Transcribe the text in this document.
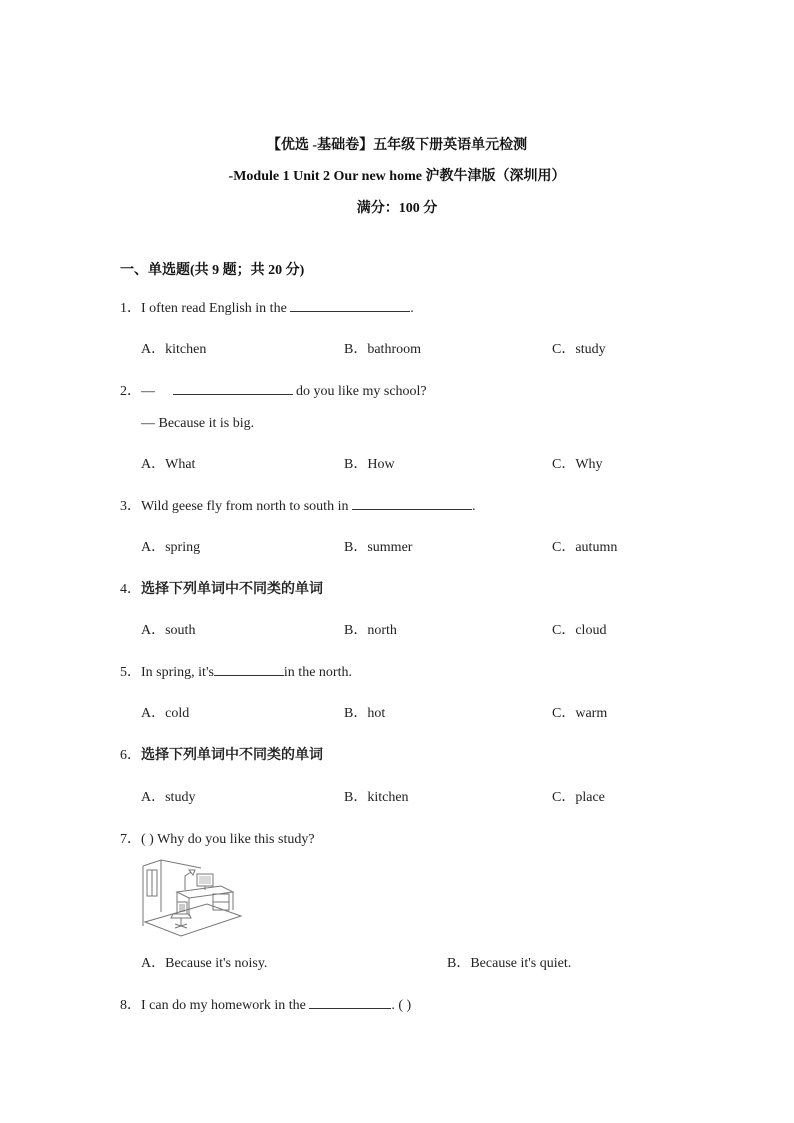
【优选 -基础卷】五年级下册英语单元检测
-Module 1 Unit 2 Our new home 沪教牛津版（深圳用）
满分：100 分
一、单选题(共 9 题；共 20 分)
1．I often read English in the	.
A．kitchen	B．bathroom	C．study
2．—	do you like my school?
— Because it is big.
A．What	B．How	C．Why
3．Wild geese fly from north to south in	.
A．spring	B．summer	C．autumn
4．选择下列单词中不同类的单词
A．south	B．north	C．cloud
5．In spring, it's	in the north.
A．cold	B．hot	C．warm
6．选择下列单词中不同类的单词
A．study	B．kitchen	C．place
7．( ) Why do you like this study?
A．Because it's noisy.	B．Because it's quiet.
8．I can do my homework in the	. ( )
